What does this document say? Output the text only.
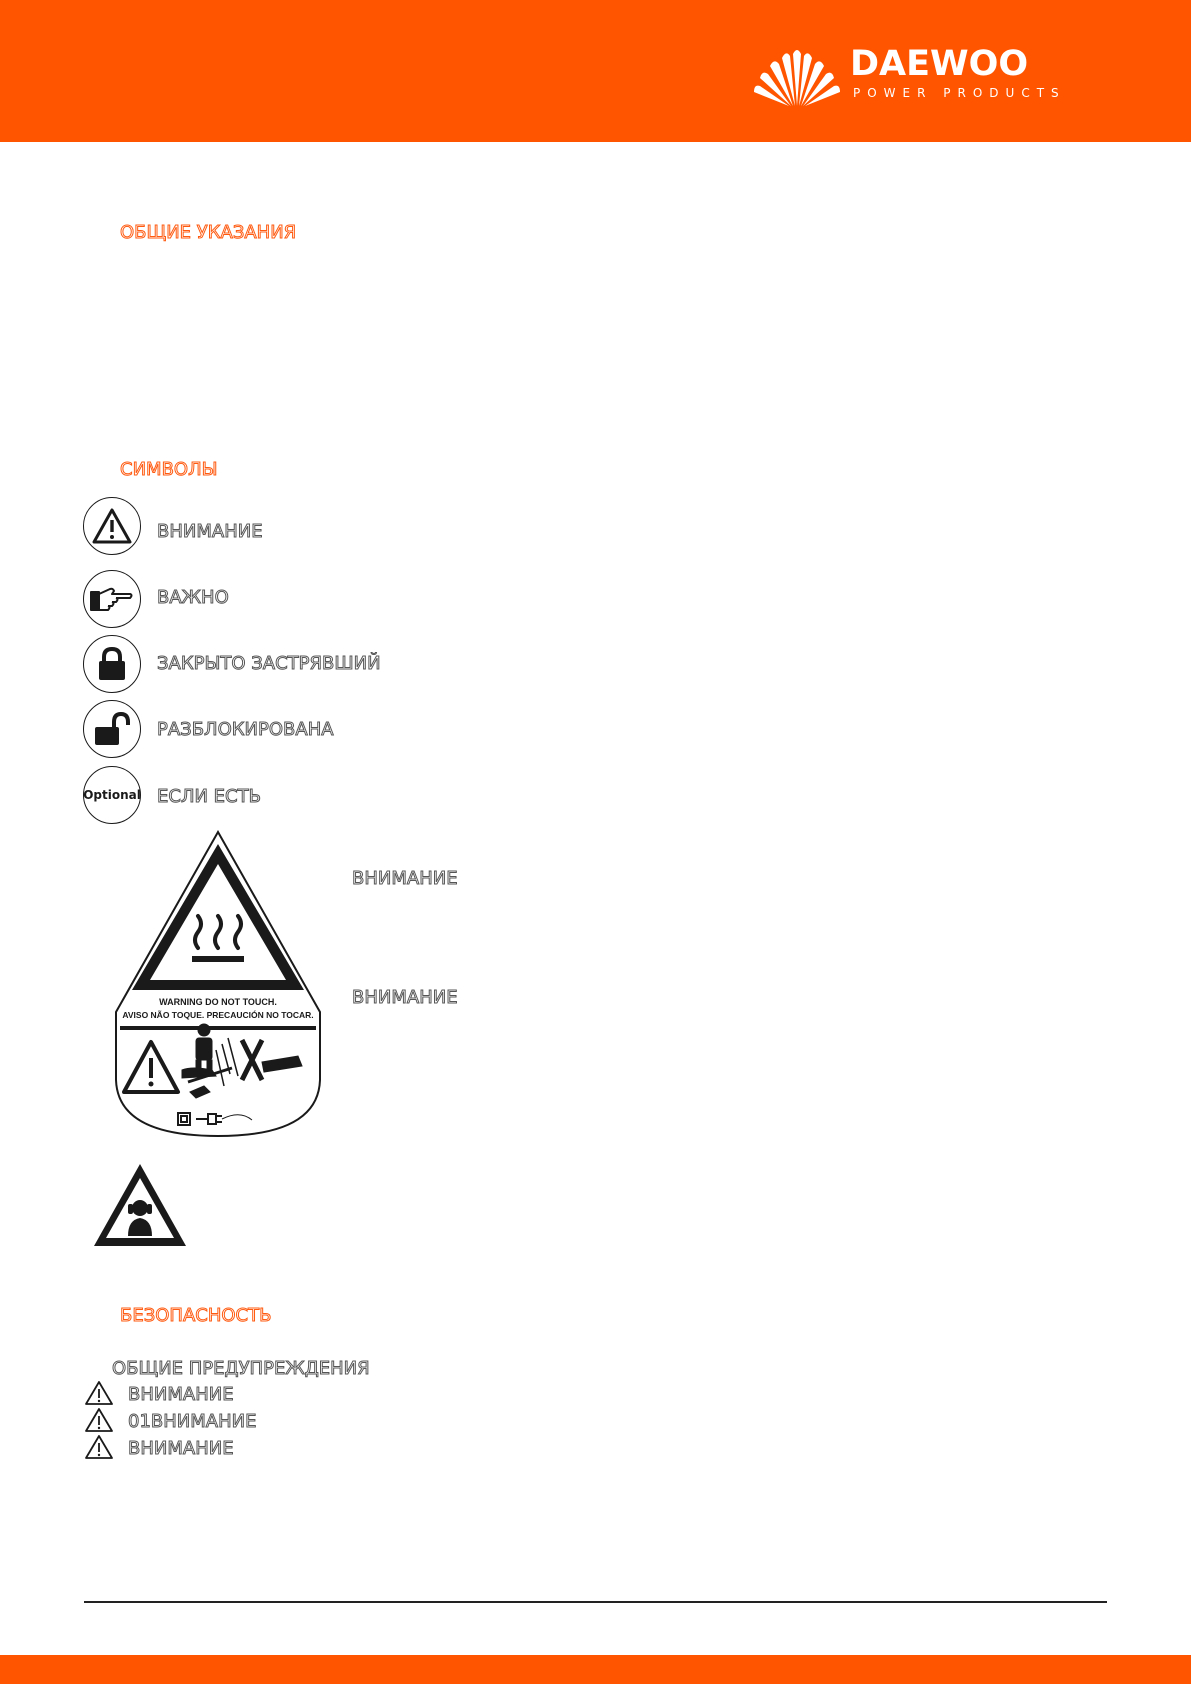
DAEWOO
POWER PRODUCTS
ОБЩИЕ УКАЗАНИЯ
СИМВОЛЫ
ВНИМАНИЕ
ВАЖНО
ЗАКРЫТО ЗАСТРЯВШИЙ
РАЗБЛОКИРОВАНА
Optional ЕСЛИ ЕСТЬ
WARNING DO NOT TOUCH.
AVISO NÃO TOQUE. PRECAUCIÓN NO TOCAR.
ВНИМАНИЕ
ВНИМАНИЕ
БЕЗОПАСНОСТЬ
ОБЩИЕ ПРЕДУПРЕЖДЕНИЯ
ВНИМАНИЕ
01ВНИМАНИЕ
ВНИМАНИЕ
